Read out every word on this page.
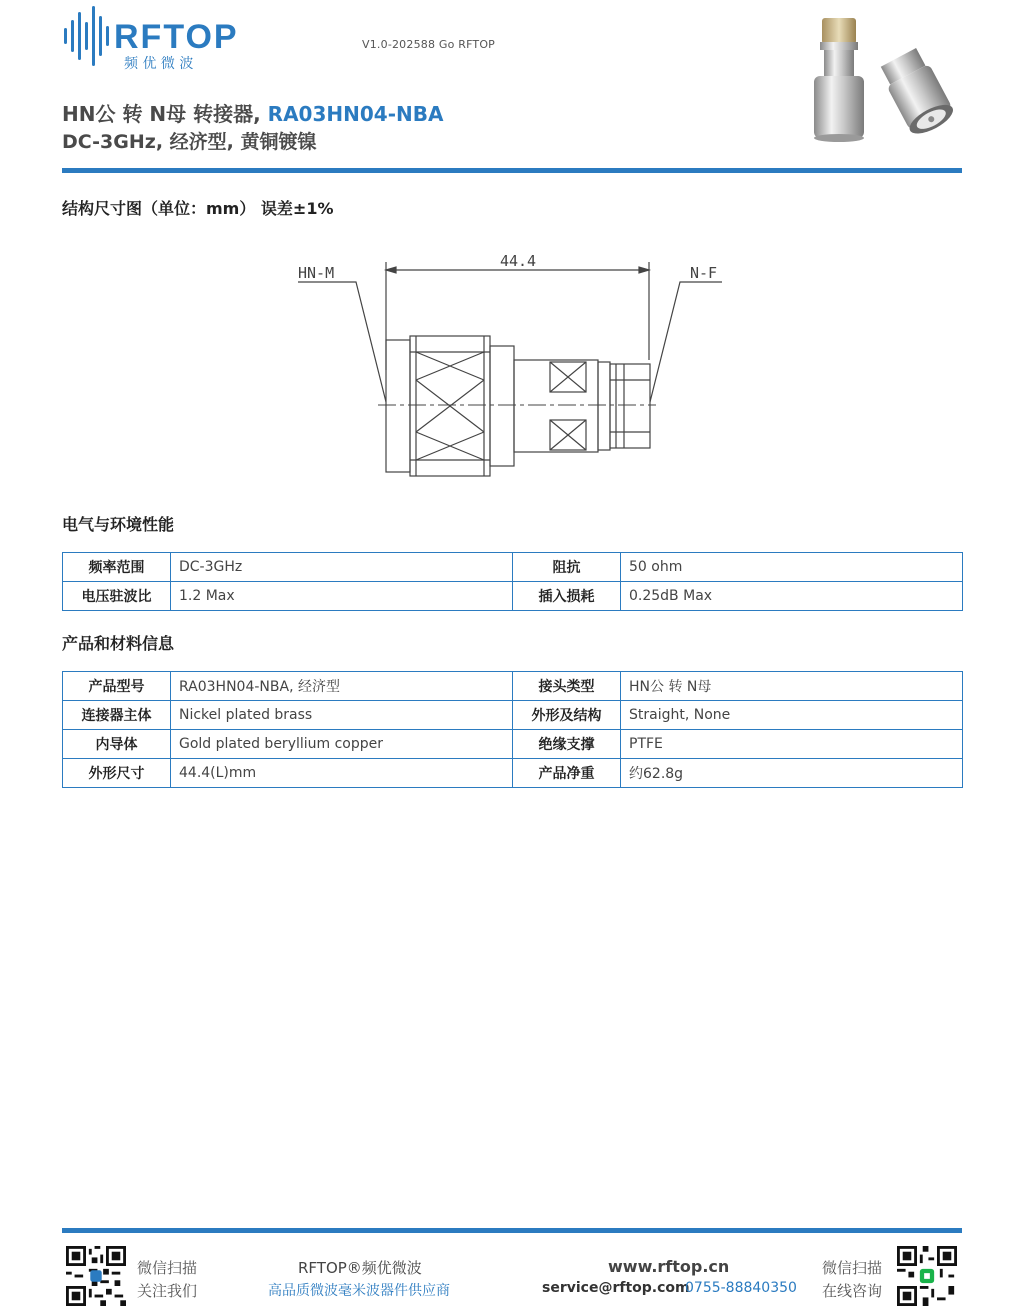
RFTOP
频 优 微 波
V1.0-202588 Go RFTOP
HN公 转 N母 转接器, RA03HN04-NBA
DC-3GHz, 经济型, 黄铜镀镍
结构尺寸图（单位：mm） 误差±1%
44.4
HN-M	N-F
电气与环境性能
频率范围	DC-3GHz	阻抗	50 ohm
电压驻波比	1.2 Max	插入损耗	0.25dB Max
产品和材料信息
产品型号	RA03HN04-NBA, 经济型	接头类型	HN公 转 N母
连接器主体	Nickel plated brass	外形及结构	Straight, None
内导体	Gold plated beryllium copper	绝缘支撑	PTFE
外形尺寸	44.4(L)mm	产品净重	约62.8g
微信扫描
关注我们
RFTOP®频优微波
高品质微波毫米波器件供应商
www.rftop.cn
service@rftop.com
0755-88840350
微信扫描
在线咨询
